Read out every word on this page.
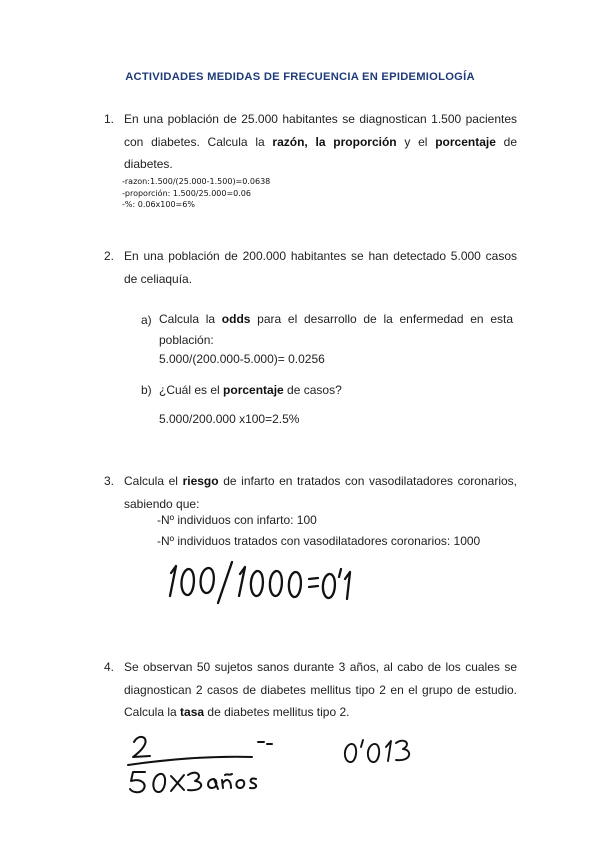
ACTIVIDADES MEDIDAS DE FRECUENCIA EN EPIDEMIOLOGÍA
1. En una población de 25.000 habitantes se diagnostican 1.500 pacientes con diabetes. Calcula la razón, la proporción y el porcentaje de diabetes.
-razon:1.500/(25.000-1.500)=0.0638
-proporción: 1.500/25.000=0.06
-%: 0.06x100=6%
2. En una población de 200.000 habitantes se han detectado 5.000 casos de celiaquía.
a) Calcula la odds para el desarrollo de la enfermedad en esta población:
5.000/(200.000-5.000)= 0.0256
b) ¿Cuál es el porcentaje de casos?
5.000/200.000 x100=2.5%
3. Calcula el riesgo de infarto en tratados con vasodilatadores coronarios, sabiendo que:
-Nº individuos con infarto: 100
-Nº individuos tratados con vasodilatadores coronarios: 1000
4. Se observan 50 sujetos sanos durante 3 años, al cabo de los cuales se diagnostican 2 casos de diabetes mellitus tipo 2 en el grupo de estudio. Calcula la tasa de diabetes mellitus tipo 2.
